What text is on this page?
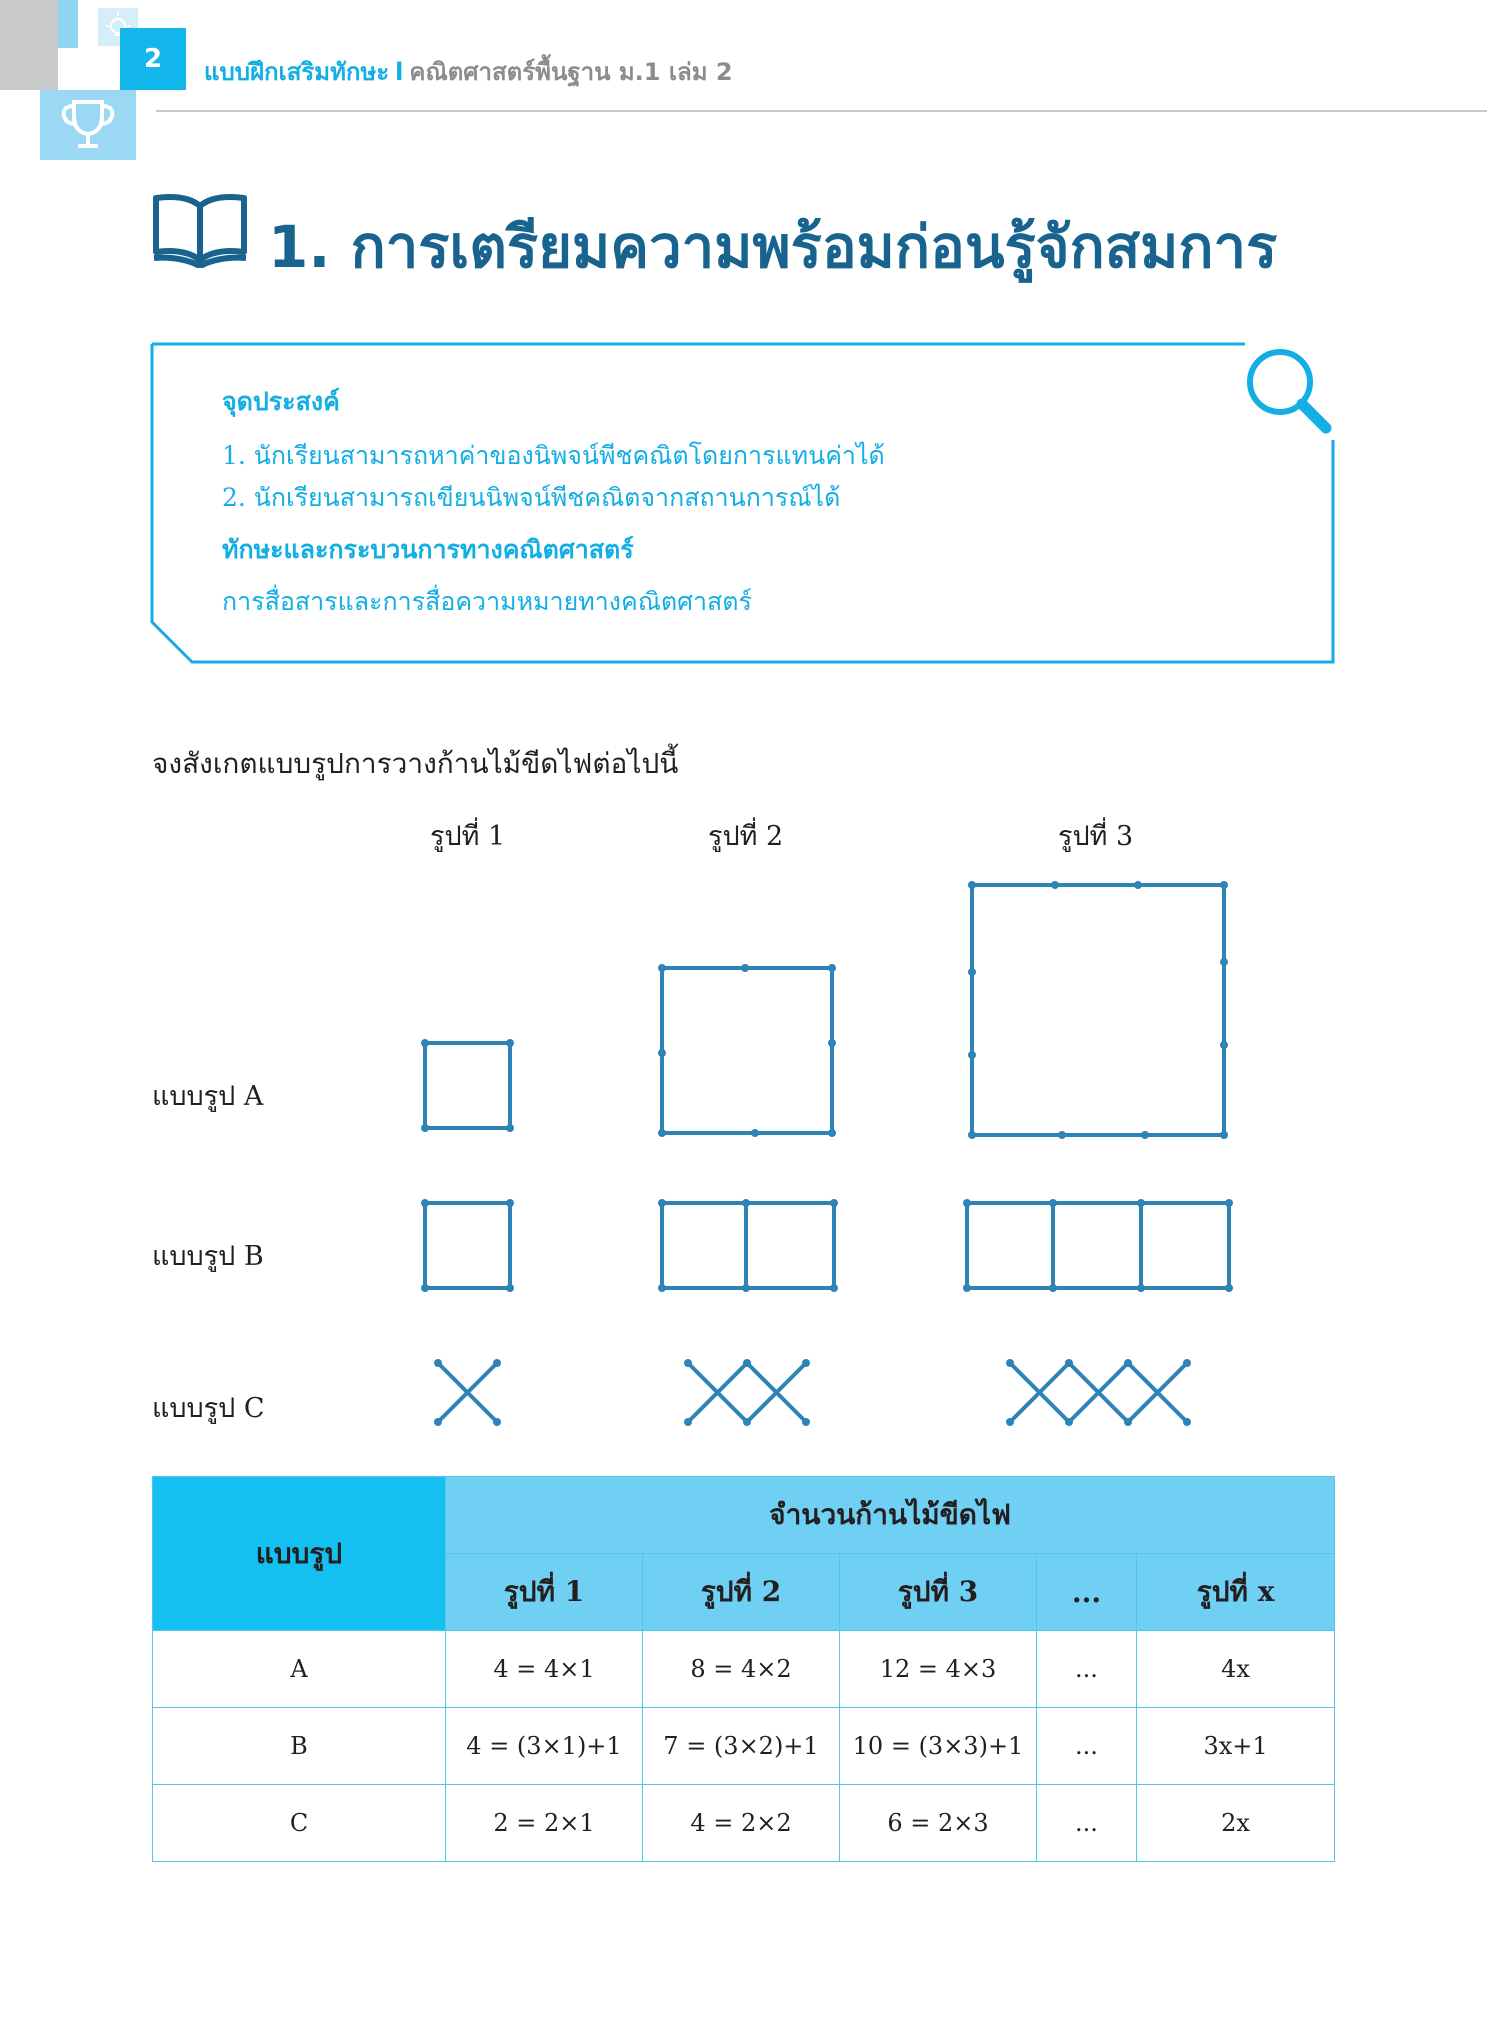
2	แบบฝึกเสริมทักษะ l คณิตศาสตร์พื้นฐาน ม.1 เล่ม 2
1. การเตรียมความพร้อมก่อนรู้จักสมการ
จุดประสงค์
1. นักเรียนสามารถหาค่าของนิพจน์พีชคณิตโดยการแทนค่าได้
2. นักเรียนสามารถเขียนนิพจน์พีชคณิตจากสถานการณ์ได้
ทักษะและกระบวนการทางคณิตศาสตร์
การสื่อสารและการสื่อความหมายทางคณิตศาสตร์
จงสังเกตแบบรูปการวางก้านไม้ขีดไฟต่อไปนี้
รูปที่ 1	รูปที่ 2	รูปที่ 3
แบบรูป A
แบบรูป B
แบบรูป C
แบบรูป	จำนวนก้านไม้ขีดไฟ				
	รูปที่ 1	รูปที่ 2	รูปที่ 3	...	รูปที่ x
A	4 = 4×1	8 = 4×2	12 = 4×3	...	4x
B	4 = (3×1)+1	7 = (3×2)+1	10 = (3×3)+1	...	3x+1
C	2 = 2×1	4 = 2×2	6 = 2×3	...	2x
